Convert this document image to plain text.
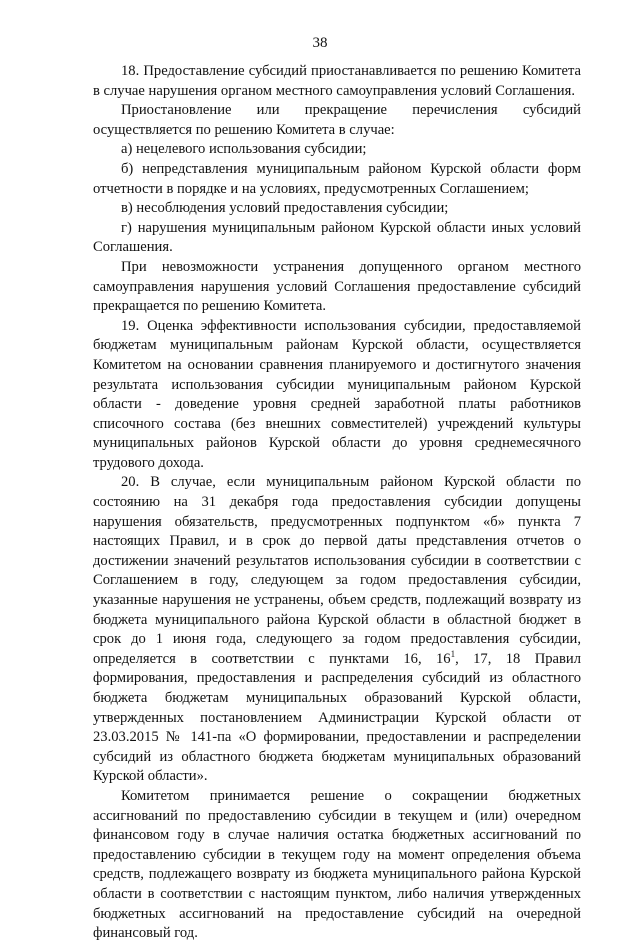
38

18. Предоставление субсидий приостанавливается по решению Комитета в случае нарушения органом местного самоуправления условий Соглашения.

Приостановление или прекращение перечисления субсидий осуществляется по решению Комитета в случае:

а) нецелевого использования субсидии;

б) непредставления муниципальным районом Курской области форм отчетности в порядке и на условиях, предусмотренных Соглашением;

в) несоблюдения условий предоставления субсидии;

г) нарушения муниципальным районом Курской области иных условий Соглашения.

При невозможности устранения допущенного органом местного самоуправления нарушения условий Соглашения предоставление субсидий прекращается по решению Комитета.

19. Оценка эффективности использования субсидии, предоставляемой бюджетам муниципальным районам Курской области, осуществляется Комитетом на основании сравнения планируемого и достигнутого значения результата использования субсидии муниципальным районом Курской области - доведение уровня средней заработной платы работников списочного состава (без внешних совместителей) учреждений культуры муниципальных районов Курской области до уровня среднемесячного трудового дохода.

20. В случае, если муниципальным районом Курской области по состоянию на 31 декабря года предоставления субсидии допущены нарушения обязательств, предусмотренных подпунктом «б» пункта 7 настоящих Правил, и в срок до первой даты представления отчетов о достижении значений результатов использования субсидии в соответствии с Соглашением в году, следующем за годом предоставления субсидии, указанные нарушения не устранены, объем средств, подлежащий возврату из бюджета муниципального района Курской области в областной бюджет в срок до 1 июня года, следующего за годом предоставления субсидии, определяется в соответствии с пунктами 16, $16^1$, 17, 18 Правил формирования, предоставления и распределения субсидий из областного бюджета бюджетам муниципальных образований Курской области, утвержденных постановлением Администрации Курской области от 23.03.2015 № 141-па «О формировании, предоставлении и распределении субсидий из областного бюджета бюджетам муниципальных образований Курской области».

Комитетом принимается решение о сокращении бюджетных ассигнований по предоставлению субсидии в текущем и (или) очередном финансовом году в случае наличия остатка бюджетных ассигнований по предоставлению субсидии в текущем году на момент определения объема средств, подлежащего возврату из бюджета муниципального района Курской области в соответствии с настоящим пунктом, либо наличия утвержденных бюджетных ассигнований на предоставление субсидий на очередной финансовый год.
